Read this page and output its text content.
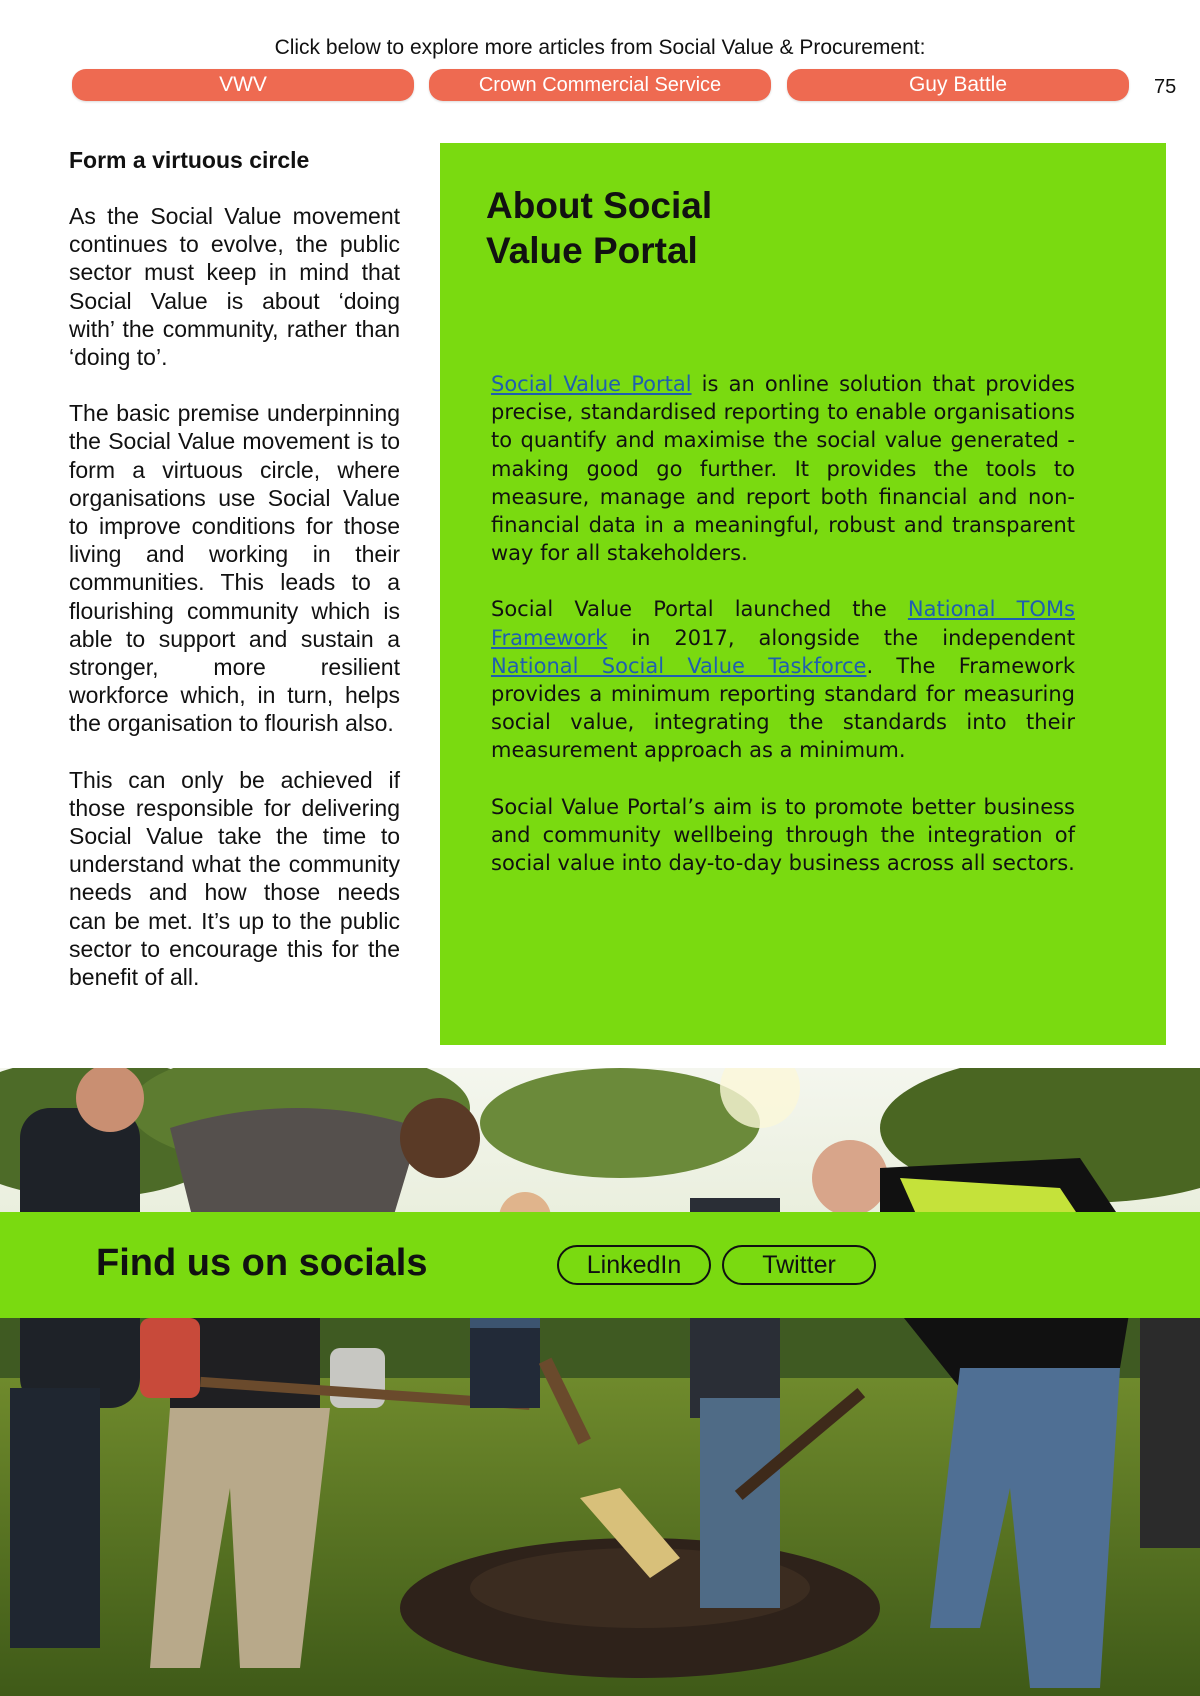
Click below to explore more articles from Social Value & Procurement:
VWV	Crown Commercial Service	Guy Battle	75
Form a virtuous circle

As the Social Value movement continues to evolve, the public sector must keep in mind that Social Value is about ‘doing with’ the community, rather than ‘doing to’.

The basic premise underpinning the Social Value movement is to form a virtuous circle, where organisations use Social Value to improve conditions for those living and working in their communities. This leads to a flourishing community which is able to support and sustain a stronger, more resilient workforce which, in turn, helps the organisation to flourish also.

This can only be achieved if those responsible for delivering Social Value take the time to understand what the community needs and how those needs can be met. It’s up to the public sector to encourage this for the benefit of all.

About Social Value Portal

Social Value Portal is an online solution that provides precise, standardised reporting to enable organisations to quantify and maximise the social value generated - making good go further. It provides the tools to measure, manage and report both financial and non-financial data in a meaningful, robust and transparent way for all stakeholders.

Social Value Portal launched the National TOMs Framework in 2017, alongside the independent National Social Value Taskforce. The Framework provides a minimum reporting standard for measuring social value, integrating the standards into their measurement approach as a minimum.

Social Value Portal’s aim is to promote better business and community wellbeing through the integration of social value into day-to-day business across all sectors.

Find us on socials	LinkedIn	Twitter
